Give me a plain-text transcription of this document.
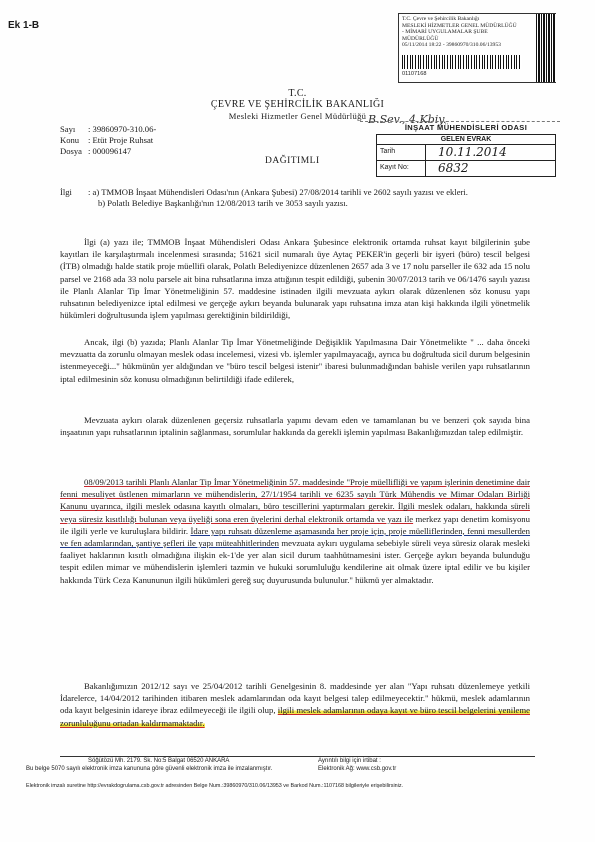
Ek 1-B
T.C. Çevre ve Şehircilik Bakanlığı
MESLEKİ HİZMETLER GENEL MÜDÜRLÜĞÜ
- MİMARİ UYGULAMALAR ŞUBE
MÜDÜRLÜĞÜ
05/11/2014 18:22 - 39860970/310.06/13953
01107168
T.C.
ÇEVRE VE ŞEHİRCİLİK BAKANLIĞI
Mesleki Hizmetler Genel Müdürlüğü
Sayı : 39860970-310.06-
Konu : Etüt Proje Ruhsat
Dosya : 000096147
B.Sev., 4.Kbiy.
İNŞAAT MÜHENDİSLERİ ODASI
GELEN EVRAK
Tarih	10.11.2014
Kayıt No:	6832
DAĞITIMLI
İlgi : a) TMMOB İnşaat Mühendisleri Odası'nın (Ankara Şubesi) 27/08/2014 tarihli ve 2602 sayılı yazısı ve ekleri.
b) Polatlı Belediye Başkanlığı'nın 12/08/2013 tarih ve 3053 sayılı yazısı.
İlgi (a) yazı ile; TMMOB İnşaat Mühendisleri Odası Ankara Şubesince elektronik ortamda ruhsat kayıt bilgilerinin şube kayıtları ile karşılaştırmalı incelenmesi sırasında; 51621 sicil numaralı üye Aytaç PEKER'in geçerli bir işyeri (büro) tescil belgesi (İTB) olmadığı halde statik proje müellifi olarak, Polatlı Belediyenizce düzenlenen 2657 ada 3 ve 17 nolu parseller ile 632 ada 15 nolu parsel ve 2168 ada 33 nolu parsele ait bina ruhsatlarına imza attığının tespit edildiği, şubenin 30/07/2013 tarih ve 06/1476 sayılı yazısı ile Planlı Alanlar Tip İmar Yönetmeliğinin 57. maddesine istinaden ilgili mevzuata aykırı olarak düzenlenen söz konusu yapı ruhsatının belediyenizce iptal edilmesi ve gerçeğe aykırı beyanda bulunarak yapı ruhsatına imza atan kişi hakkında ilgili yönetmelik hükümleri doğrultusunda işlem yapılması gerektiğinin bildirildiği,
Ancak, ilgi (b) yazıda; Planlı Alanlar Tip İmar Yönetmeliğinde Değişiklik Yapılmasına Dair Yönetmelikte " ... daha önceki mevzuatta da zorunlu olmayan meslek odası incelemesi, vizesi vb. işlemler yapılmayacağı, ayrıca bu doğrultuda sicil durum belgesinin istenmeyeceği..." hükmünün yer aldığından ve "büro tescil belgesi istenir" ibaresi bulunmadığından bahisle verilen yapı ruhsatlarının iptal edilmesinin söz konusu olmadığının belirtildiği ifade edilerek,
Mevzuata aykırı olarak düzenlenen geçersiz ruhsatlarla yapımı devam eden ve tamamlanan bu ve benzeri çok sayıda bina inşaatının yapı ruhsatlarının iptalinin sağlanması, sorumlular hakkında da gerekli işlemin yapılması Bakanlığımızdan talep edilmiştir.
08/09/2013 tarihli Planlı Alanlar Tip İmar Yönetmeliğinin 57. maddesinde "Proje müellifliği ve yapım işlerinin denetimine dair fenni mesuliyet üstlenen mimarların ve mühendislerin, 27/1/1954 tarihli ve 6235 sayılı Türk Mühendis ve Mimar Odaları Birliği Kanunu uyarınca, ilgili meslek odasına kayıtlı olmaları, büro tescillerini yaptırmaları gerekir. İlgili meslek odaları, hakkında süreli veya süresiz kısıtlılığı bulunan veya üyeliği sona eren üyelerini derhal elektronik ortamda ve yazı ile merkez yapı denetim komisyonu ile ilgili yerle ve kuruluşlara bildirir. İdare yapı ruhsatı düzenleme aşamasında her proje için, proje müelliflerinden, fenni mesullerden ve fen adamlarından, şantiye şefleri ile yapı müteahhitlerinden mevzuata aykırı uygulama sebebiyle süreli veya süresiz olarak mesleki faaliyet haklarının kısıtlı olmadığına ilişkin ek-1'de yer alan sicil durum taahhütnamesini ister. Gerçeğe aykırı beyanda bulunduğu tespit edilen mimar ve mühendislerin işlemleri tazmin ve hukuki sorumluluğu kendilerine ait olmak üzere iptal edilir ve bu kişiler hakkında Türk Ceza Kanununun ilgili hükümleri gereğ suç duyurusunda bulunulur." hükmü yer almaktadır.
Bakanlığımızın 2012/12 sayı ve 25/04/2012 tarihli Genelgesinin 8. maddesinde yer alan "Yapı ruhsatı düzenlemeye yetkili İdarelerce, 14/04/2012 tarihinden itibaren meslek adamlarından oda kayıt belgesi talep edilmeyecektir." hükmü, meslek adamlarının oda kayıt belgesinin idareye ibraz edilmeyeceği ile ilgili olup, ilgili meslek adamlarının odaya kayıt ve büro tescil belgelerini yenileme zorunluluğunu ortadan kaldırmamaktadır.
Söğütözü Mh. 2179. Sk. No:5 Balgat 06520 ANKARA	Ayrıntılı bilgi için irtibat :
Bu belge 5070 sayılı elektronik imza kanununa göre güvenli elektronik imza ile imzalanmıştır.	Elektronik Ağ: www.csb.gov.tr
Elektronik imzalı suretine http://evrakdogrulama.csb.gov.tr adresinden Belge Num.:39860970/310.06/13953 ve Barkod Num.:1107168 bilgileriyle erişebilirsiniz.
